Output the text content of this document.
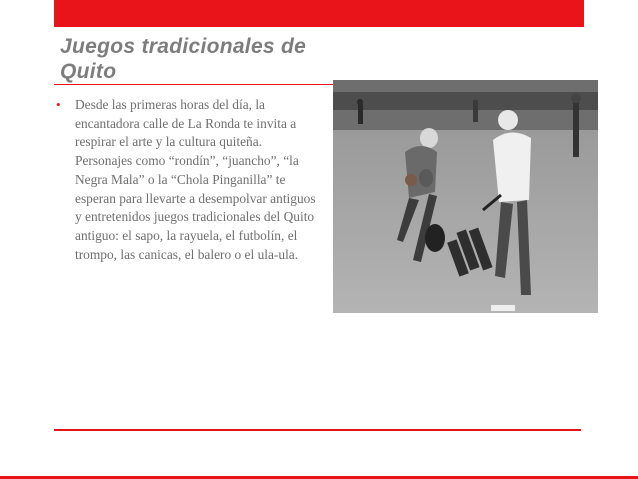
Juegos tradicionales de Quito
• Desde las primeras horas del día, la encantadora calle de La Ronda te invita a respirar el arte y la cultura quiteña. Personajes como “rondín”, “juancho”, “la Negra Mala” o la “Chola Pinganilla” te esperan para llevarte a desempolvar antiguos y entretenidos juegos tradicionales del Quito antiguo: el sapo, la rayuela, el futbolín, el trompo, las canicas, el balero o el ula-ula.
